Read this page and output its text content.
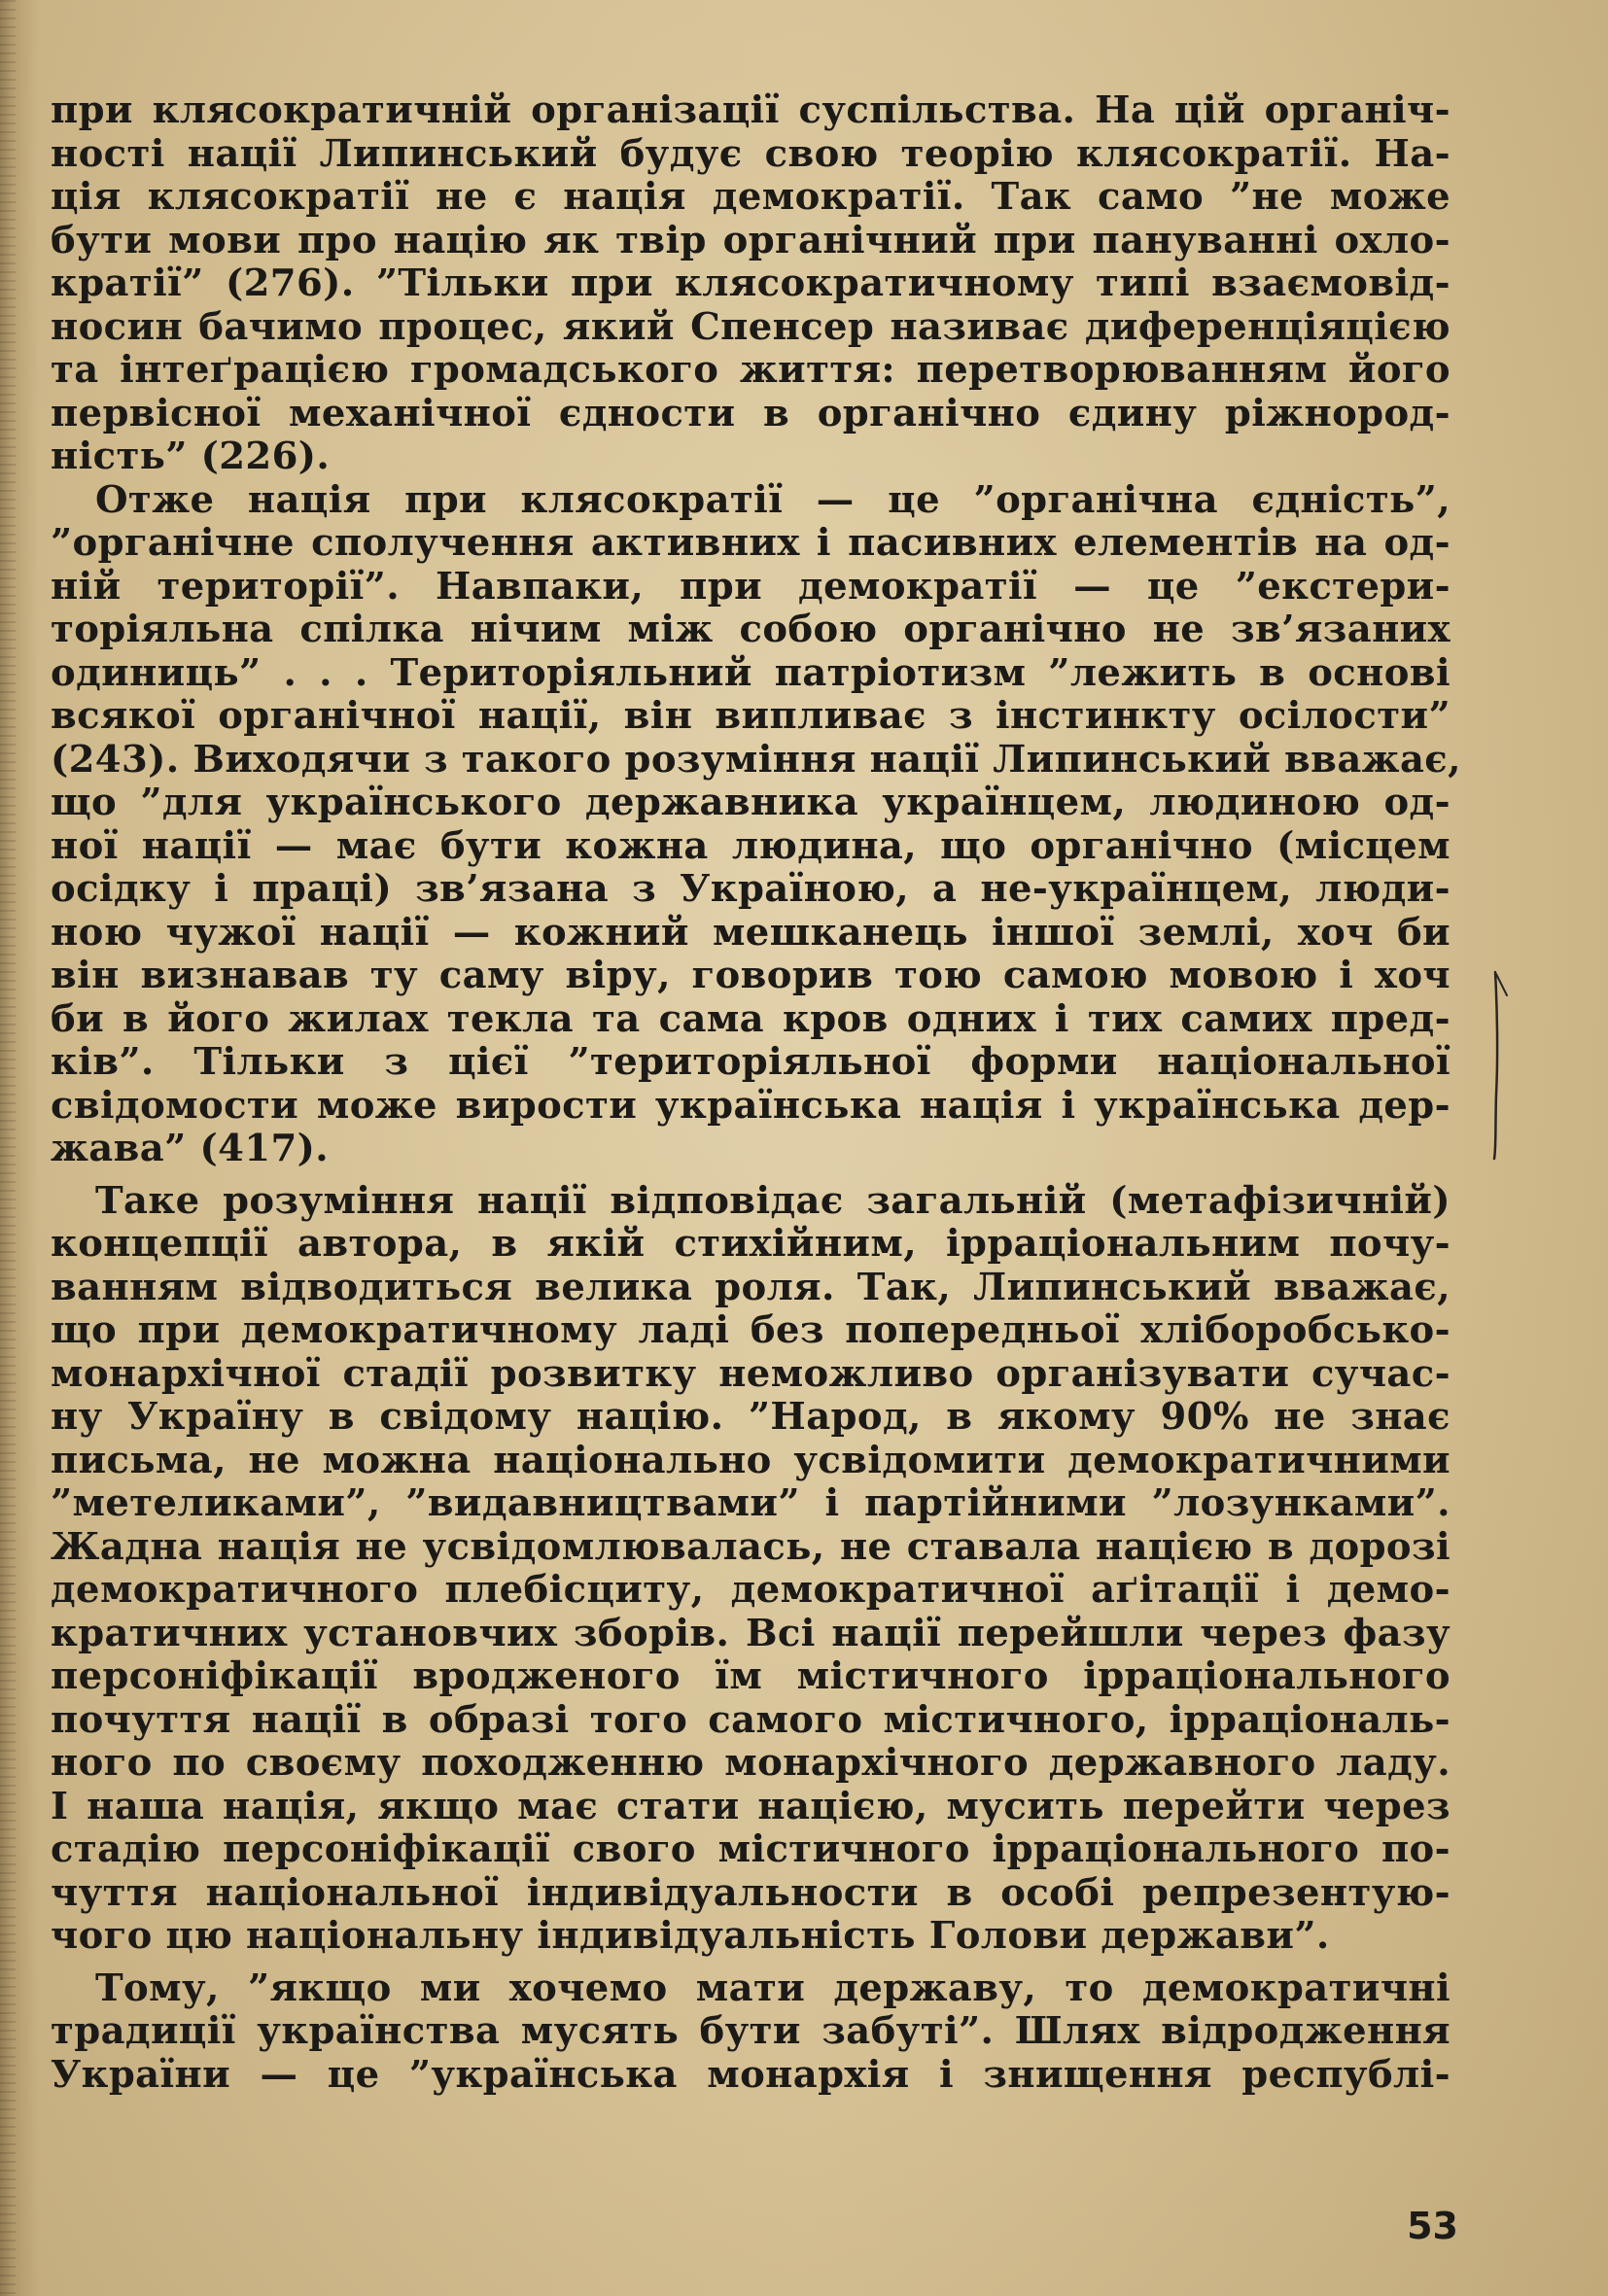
при клясократичній організації суспільства. На цій органіч-
ності нації Липинський будує свою теорію клясократії. На-
ція клясократії не є нація демократії. Так само ”не може
бути мови про націю як твір органічний при пануванні охло-
кратії” (276). ”Тільки при клясократичному типі взаємовід-
носин бачимо процес, який Спенсер називає диференціяцією
та інтеґрацією громадського життя: перетворюванням його
первісної механічної єдности в органічно єдину ріжнород-
ність” (226).

Отже нація при клясократії — це ”органічна єдність”,
”органічне сполучення активних і пасивних елементів на од-
ній території”. Навпаки, при демократії — це ”екстери-
торіяльна спілка нічим між собою органічно не зв’язаних
одиниць” . . . Територіяльний патріотизм ”лежить в основі
всякої органічної нації, він випливає з інстинкту осілости”
(243). Виходячи з такого розуміння нації Липинський вважає,
що ”для українського державника українцем, людиною од-
ної нації — має бути кожна людина, що органічно (місцем
осідку і праці) зв’язана з Україною, а не-українцем, люди-
ною чужої нації — кожний мешканець іншої землі, хоч би
він визнавав ту саму віру, говорив тою самою мовою і хоч
би в його жилах текла та сама кров одних і тих самих пред-
ків”. Тільки з цієї ”територіяльної форми національної
свідомости може вирости українська нація і українська дер-
жава” (417).

Таке розуміння нації відповідає загальній (метафізичній)
концепції автора, в якій стихійним, ірраціональним почу-
ванням відводиться велика роля. Так, Липинський вважає,
що при демократичному ладі без попередньої хліборобсько-
монархічної стадії розвитку неможливо організувати сучас-
ну Україну в свідому націю. ”Народ, в якому 90% не знає
письма, не можна національно усвідомити демократичними
”метеликами”, ”видавництвами” і партійними ”лозунками”.
Жадна нація не усвідомлювалась, не ставала нацією в дорозі
демократичного плебісциту, демократичної аґітації і демо-
кратичних установчих зборів. Всі нації перейшли через фазу
персоніфікації вродженого їм містичного ірраціонального
почуття нації в образі того самого містичного, ірраціональ-
ного по своєму походженню монархічного державного ладу.
І наша нація, якщо має стати нацією, мусить перейти через
стадію персоніфікації свого містичного ірраціонального по-
чуття національної індивідуальности в особі репрезентую-
чого цю національну індивідуальність Голови держави”.

Тому, ”якщо ми хочемо мати державу, то демократичні
традиції українства мусять бути забуті”. Шлях відродження
України — це ”українська монархія і знищення республі-

53
